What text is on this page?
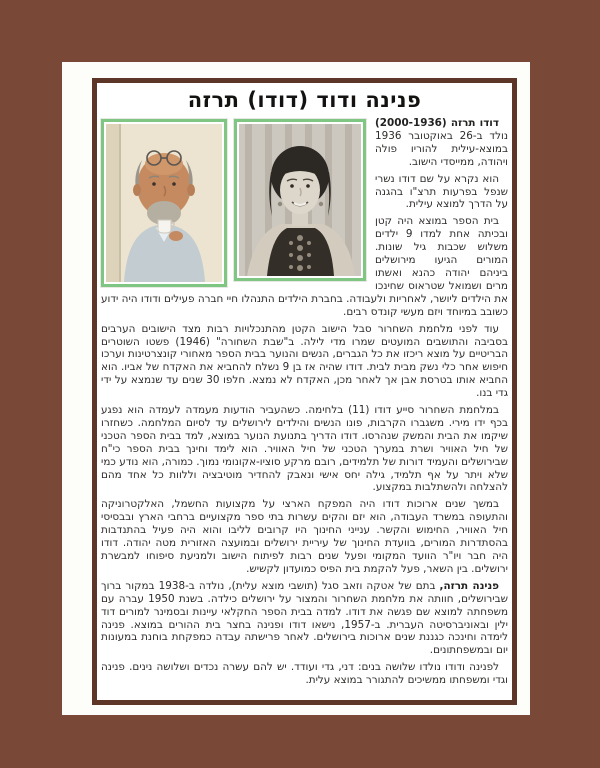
פנינה ודוד (דודו) תרזה

דודו תרזה (2000-1936) נולד ב-26 באוקטובר 1936 במוצא-עילית להוריו פולה ויהודה, ממייסדי הישוב.

הוא נקרא על שם דודו נשרי שנפל בפרעות תרצ"ו בהגנה על הדרך למוצא עילית.

בית הספר במוצא היה קטן ובכיתה אחת למדו 9 ילדים משלוש שכבות גיל שונות. המורים הגיעו מירושלים ביניהם יהודה כהנא ואשתו מרים ושמואל שטראוס שחינכו את הילדים ליושר, לאחריות ולעבודה. בחברת הילדים התנהלו חיי חברה פעילים ודודו היה ידוע כשובב במיוחד ויזם מעשי קונדס רבים.

עוד לפני מלחמת השחרור סבל הישוב הקטן מהתנכלויות רבות מצד הישובים הערבים בסביבה והתושבים המועטים שמרו מדי לילה. ב"שבת השחורה" (1946) פשטו השוטרים הבריטיים על מוצא ריכזו את כל הגברים, הנשים והנוער בבית הספר מאחורי קונצרטינות וערכו חיפוש אחר כלי נשק מבית לבית. דודו שהיה אז בן 9 נשלח להחביא את האקדח של אביו. הוא החביא אותו בטרסת אבן אך לאחר מכן, האקדח לא נמצא. חלפו 30 שנים עד שנמצא על ידי גדי בנו.

במלחמת השחרור סייע דודו (11) בלחימה. כשהעביר הודעות מעמדה לעמדה הוא נפגע בכף ידו מירי. משגברו הקרבות, פונו הנשים והילדים לירושלים עד לסיום המלחמה. כשחזרו שיקמו את הבית והמשק שנהרסו. דודו הדריך בתנועת הנוער במוצא, למד בבית הספר הטכני של חיל האוויר ושרת במערך הטכני של חיל האוויר. הוא לימד וחינך בבית הספר כי"ח שבירושלים והעמיד דורות של תלמידים, רובם מרקע סוציו-אקונומי נמוך. כמורה, הוא נודע כמי שלא ויתר על אף תלמיד, גילה יחס אישי ונאבק להחדיר מוטיבציה וללוות כל אחד מהם להצלחה ולהשתלבות במקצוע.

במשך שנים ארוכות דודו היה המפקח הארצי על מקצועות החשמל, האלקטרוניקה והתעופה במשרד העבודה, הוא יזם והקים עשרות בתי ספר מקצועיים ברחבי הארץ ובבסיסי חיל האוויר, החימוש והקשר. ענייני החינוך היו קרובים לליבו והוא היה פעיל בהתנדבות בהסתדרות המורים, בוועדת החינוך של עיריית ירושלים ובמועצה האזורית מטה יהודה. דודו היה חבר ויו"ר הוועד המקומי ופעל שנים רבות לפיתוח הישוב ולמניעת סיפוחו למבשרת ירושלים. בין השאר, פעל להקמת בית הפיס כמועדון לקשיש.

פנינה תרזה, בתם של אטקה וזאב סגל (תושבי מוצא עלית), נולדה ב-1938 במקור ברוך שבירושלים, חוותה את מלחמת השחרור והמצור על ירושלים כילדה. בשנת 1950 עברה עם משפחתה למוצא שם פגשה את דודו. למדה בבית הספר החקלאי עיינות ובסמינר למורים דוד ילין ובאוניברסיטה העברית. ב-1957, נישאו דודו ופנינה בחצר בית ההורים במוצא. פנינה לימדה וחינכה כגננת שנים ארוכות בירושלים. לאחר פרישתה עבדה כמפקחת בוחנת במעונות יום ובמשפחתונים.

לפנינה ודודו נולדו שלושה בנים: דני, גדי ועודד. יש להם עשרה נכדים ושלושה נינים. פנינה וגדי ומשפחתו ממשיכים להתגורר במוצא עלית.
